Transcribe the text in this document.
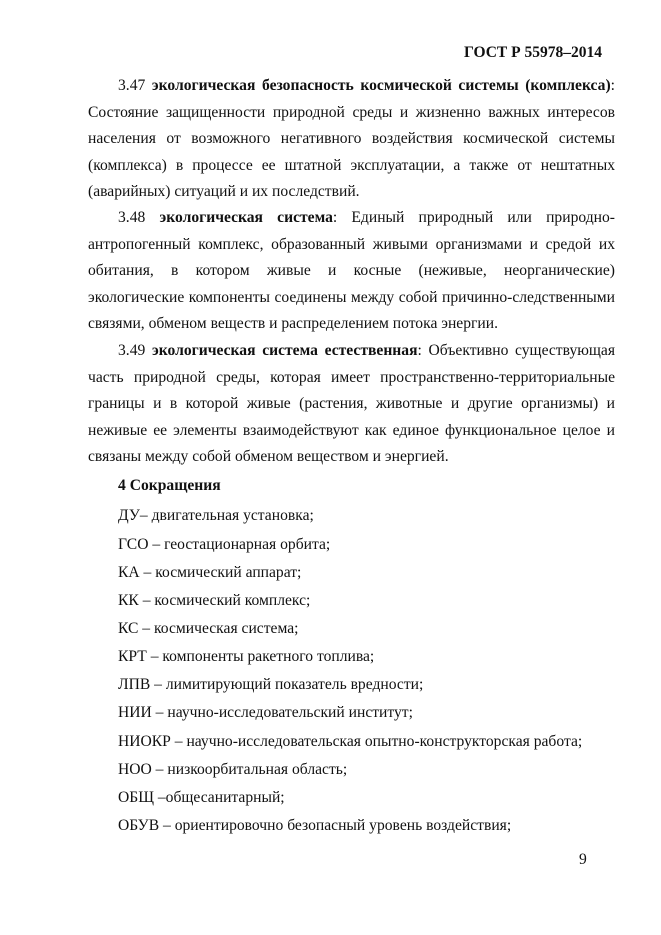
ГОСТ Р 55978–2014
3.47 экологическая безопасность космической системы (комплекса): Состояние защищенности природной среды и жизненно важных интересов населения от возможного негативного воздействия космической системы (комплекса) в процессе ее штатной эксплуатации, а также от нештатных (аварийных) ситуаций и их последствий.
3.48 экологическая система: Единый природный или природно-антропогенный комплекс, образованный живыми организмами и средой их обитания, в котором живые и косные (неживые, неорганические) экологические компоненты соединены между собой причинно-следственными связями, обменом веществ и распределением потока энергии.
3.49 экологическая система естественная: Объективно существующая часть природной среды, которая имеет пространственно-территориальные границы и в которой живые (растения, животные и другие организмы) и неживые ее элементы взаимодействуют как единое функциональное целое и связаны между собой обменом веществом и энергией.
4 Сокращения
ДУ– двигательная установка;
ГСО – геостационарная орбита;
КА – космический аппарат;
КК – космический комплекс;
КС – космическая система;
КРТ – компоненты ракетного топлива;
ЛПВ – лимитирующий показатель вредности;
НИИ – научно-исследовательский институт;
НИОКР – научно-исследовательская опытно-конструкторская работа;
НОО – низкоорбитальная область;
ОБЩ –общесанитарный;
ОБУВ – ориентировочно безопасный уровень воздействия;
9
